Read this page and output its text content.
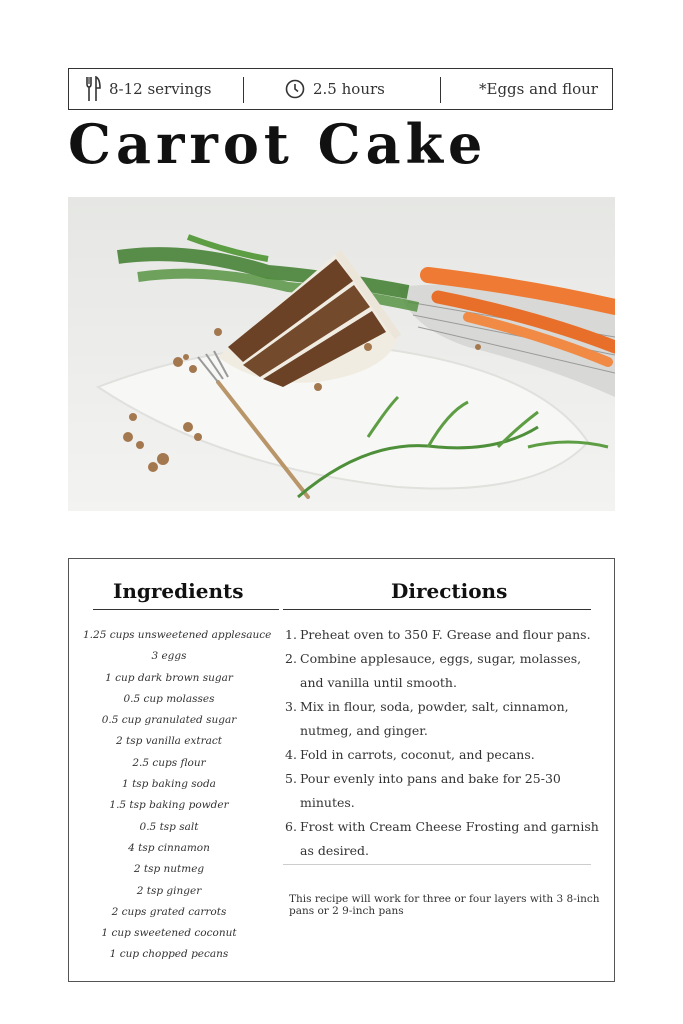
8-12 servings	2.5 hours	*Eggs and flour
Carrot Cake
Ingredients
1.25 cups unsweetened applesauce
3 eggs
1 cup dark brown sugar
0.5 cup molasses
0.5 cup granulated sugar
2 tsp vanilla extract
2.5 cups flour
1 tsp baking soda
1.5 tsp baking powder
0.5 tsp salt
4 tsp cinnamon
2 tsp nutmeg
2 tsp ginger
2 cups grated carrots
1 cup sweetened coconut
1 cup chopped pecans
Directions
1. Preheat oven to 350 F. Grease and flour pans.
2. Combine applesauce, eggs, sugar, molasses, and vanilla until smooth.
3. Mix in flour, soda, powder, salt, cinnamon, nutmeg, and ginger.
4. Fold in carrots, coconut, and pecans.
5. Pour evenly into pans and bake for 25-30 minutes.
6. Frost with Cream Cheese Frosting and garnish as desired.

This recipe will work for three or four layers with 3 8-inch pans or 2 9-inch pans
